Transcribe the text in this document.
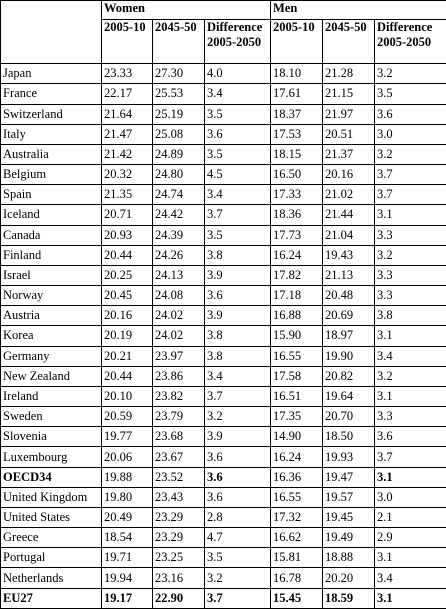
	Women			Men		
	2005-10	2045-50	Difference 2005-2050	2005-10	2045-50	Difference 2005-2050
Japan	23.33	27.30	4.0	18.10	21.28	3.2
France	22.17	25.53	3.4	17.61	21.15	3.5
Switzerland	21.64	25.19	3.5	18.37	21.97	3.6
Italy	21.47	25.08	3.6	17.53	20.51	3.0
Australia	21.42	24.89	3.5	18.15	21.37	3.2
Belgium	20.32	24.80	4.5	16.50	20.16	3.7
Spain	21.35	24.74	3.4	17.33	21.02	3.7
Iceland	20.71	24.42	3.7	18.36	21.44	3.1
Canada	20.93	24.39	3.5	17.73	21.04	3.3
Finland	20.44	24.26	3.8	16.24	19.43	3.2
Israel	20.25	24.13	3.9	17.82	21.13	3.3
Norway	20.45	24.08	3.6	17.18	20.48	3.3
Austria	20.16	24.02	3.9	16.88	20.69	3.8
Korea	20.19	24.02	3.8	15.90	18.97	3.1
Germany	20.21	23.97	3.8	16.55	19.90	3.4
New Zealand	20.44	23.86	3.4	17.58	20.82	3.2
Ireland	20.10	23.82	3.7	16.51	19.64	3.1
Sweden	20.59	23.79	3.2	17.35	20.70	3.3
Slovenia	19.77	23.68	3.9	14.90	18.50	3.6
Luxembourg	20.06	23.67	3.6	16.24	19.93	3.7
OECD34	19.88	23.52	3.6	16.36	19.47	3.1
United Kingdom	19.80	23.43	3.6	16.55	19.57	3.0
United States	20.49	23.29	2.8	17.32	19.45	2.1
Greece	18.54	23.29	4.7	16.62	19.49	2.9
Portugal	19.71	23.25	3.5	15.81	18.88	3.1
Netherlands	19.94	23.16	3.2	16.78	20.20	3.4
EU27	19.17	22.90	3.7	15.45	18.59	3.1
